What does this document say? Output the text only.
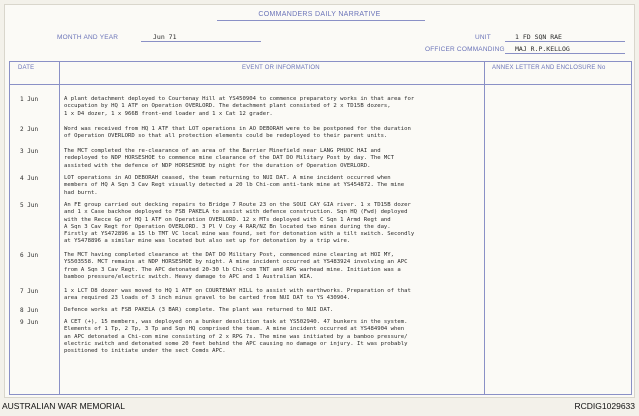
COMMANDERS DAILY NARRATIVE
MONTH AND YEAR	Jun 71	UNIT	1 FD SQN RAE
OFFICER COMMANDING MAJ R.P.KELLOG
DATE	EVENT OR INFORMATION	ANNEX LETTER AND ENCLOSURE No
1 Jun	A plant detachment deployed to Courtenay Hill at YS450904 to commence preparatory works in that area for

occupation by HQ 1 ATF on Operation OVERLORD. The detachment plant consisted of 2 x TD15B dozers,

1 x D4 dozer, 1 x 966B front-end loader and 1 x Cat 12 grader.

2 Jun	Word was received from HQ 1 ATF that LOT operations in AO DEBORAH were to be postponed for the duration

of Operation OVERLORD so that all protection elements could be redeployed to their parent units.

3 Jun	The MCT completed the re-clearance of an area of the Barrier Minefield near LANG PHUOC HAI and

redeployed to NDP HORSESHOE to commence mine clearance of the DAT DO Military Post by day. The MCT

assisted with the defence of NDP HORSESHOE by night for the duration of Operation OVERLORD.

4 Jun	LOT operations in AO DEBORAH ceased, the team returning to NUI DAT. A mine incident occurred when

members of HQ A Sqn 3 Cav Regt visually detected a 20 lb Chi-com anti-tank mine at YS454872. The mine

had burnt.

5 Jun	An FE group carried out decking repairs to Bridge 7 Route 23 on the SOUI CAY GIA river. 1 x TD15B dozer

and 1 x Case backhoe deployed to FSB PAKELA to assist with defence construction. Sqn HQ (Fwd) deployed

with the Recce Gp of HQ 1 ATF on Operation OVERLORD. 12 x MTs deployed with C Sqn 1 Armd Regt and

A Sqn 3 Cav Regt for Operation OVERLORD. 3 Pl V Coy 4 RAR/NZ Bn located two mines during the day.

Firstly at YS472896 a 15 lb TMT VC local mine was found, set for detonation with a tilt switch. Secondly

at YS478896 a similar mine was located but also set up for detonation by a trip wire.

6 Jun	The MCT having completed clearance at the DAT DO Military Post, commenced mine clearing at HOI MY,

YS503558. MCT remains at NDP HORSESHOE by night. A mine incident occurred at YS483924 involving an APC

from A Sqn 3 Cav Regt. The APC detonated 20-30 lb Chi-com TNT and RPG warhead mine. Initiation was a

bamboo pressure/electric switch. Heavy damage to APC and 1 Australian WIA.

7 Jun	1 x LCT D8 dozer was moved to HQ 1 ATF on COURTENAY HILL to assist with earthworks. Preparation of that

area required 23 loads of 3 inch minus gravel to be carted from NUI DAT to YS 430904.

8 Jun	Defence works at FSB PAKELA (3 BAR) complete. The plant was returned to NUI DAT.

9 Jun	A CET (+), 15 members, was deployed on a bunker desolition task at YS502940. 47 bunkers in the system.

Elements of 1 Tp, 2 Tp, 3 Tp and Sqn HQ comprised the team. A mine incident occurred at YS484904 when

an APC detonated a Chi-com mine consisting of 2 x RPG 7s. The mine was initiated by a bamboo pressure/

electric switch and detonated some 20 feet behind the APC causing no damage or injury. It was probably

positioned to initiate under the sect Comds APC.

AUSTRALIAN WAR MEMORIAL	RCDIG1029633
